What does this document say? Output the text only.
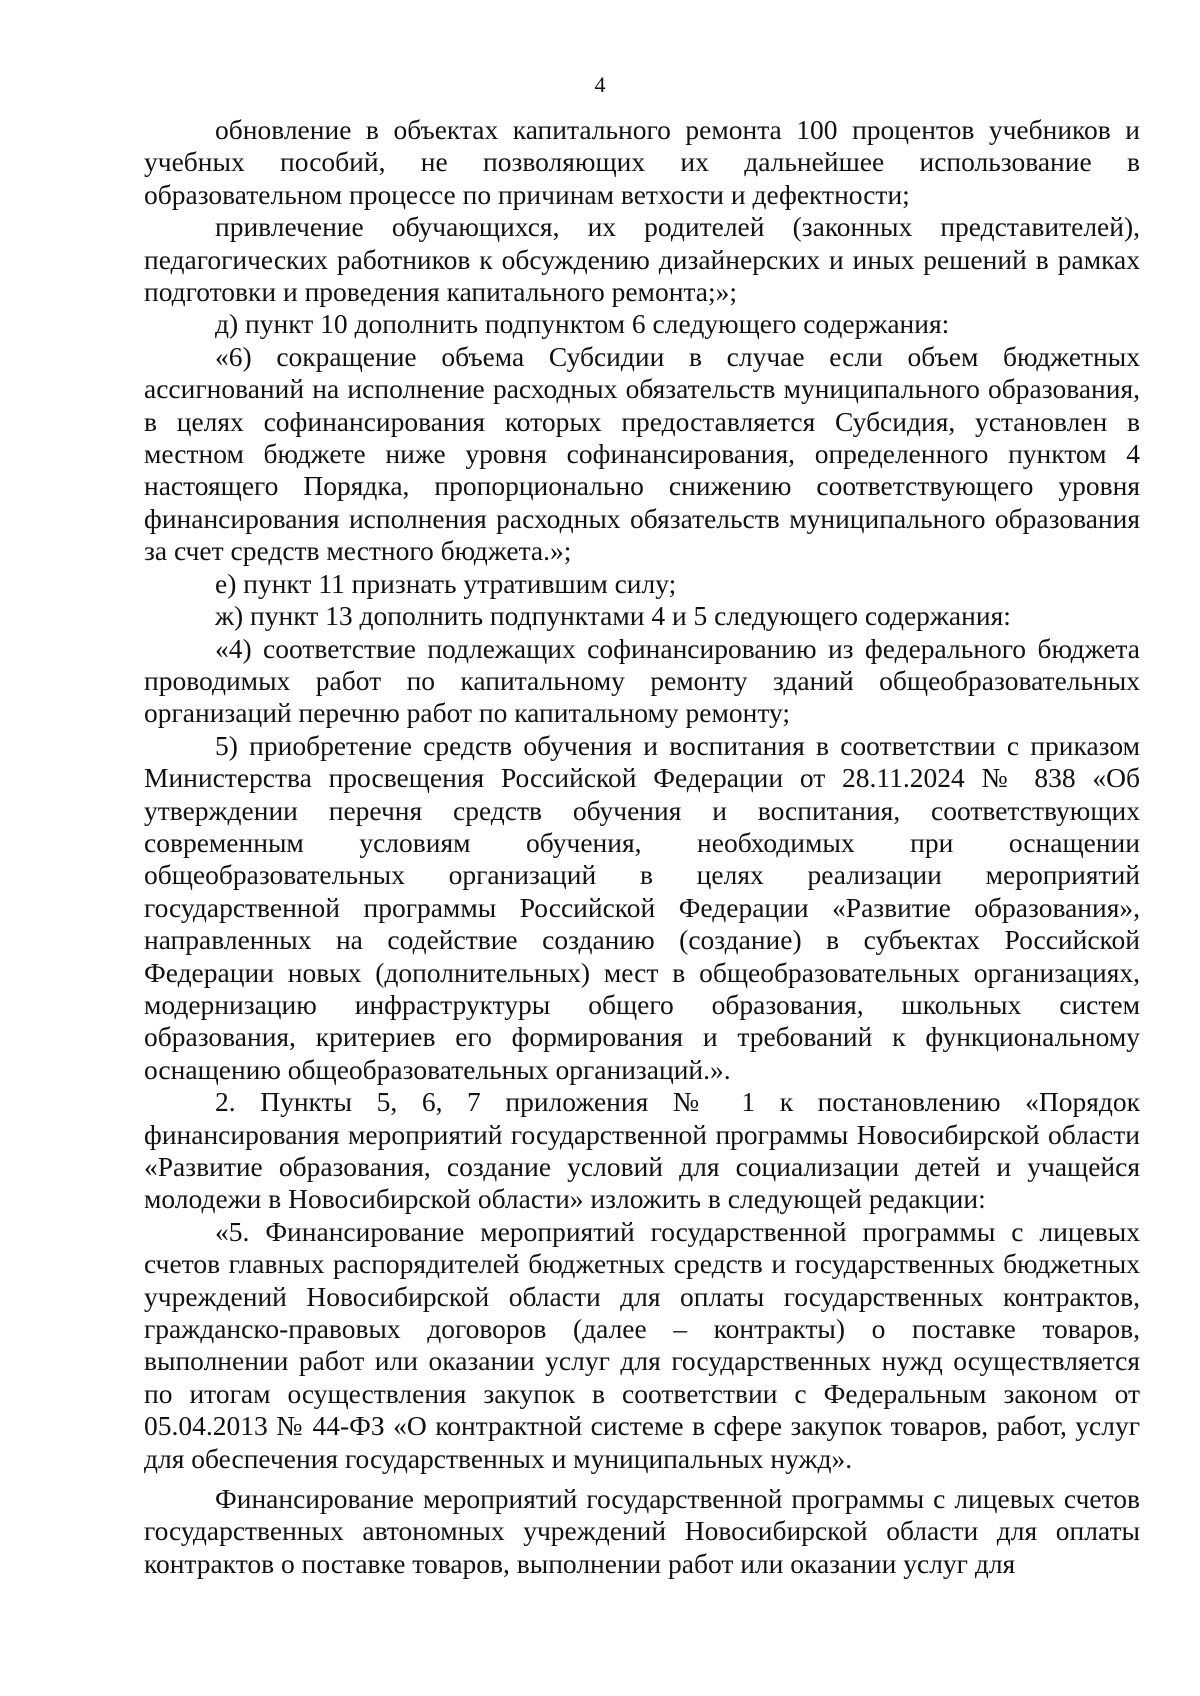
4

обновление в объектах капитального ремонта 100 процентов учебников и учебных пособий, не позволяющих их дальнейшее использование в образовательном процессе по причинам ветхости и дефектности;

привлечение обучающихся, их родителей (законных представителей), педагогических работников к обсуждению дизайнерских и иных решений в рамках подготовки и проведения капитального ремонта;»;

д) пункт 10 дополнить подпунктом 6 следующего содержания:

«6) сокращение объема Субсидии в случае если объем бюджетных ассигнований на исполнение расходных обязательств муниципального образования, в целях софинансирования которых предоставляется Субсидия, установлен в местном бюджете ниже уровня софинансирования, определенного пунктом 4 настоящего Порядка, пропорционально снижению соответствующего уровня финансирования исполнения расходных обязательств муниципального образования за счет средств местного бюджета.»;

е) пункт 11 признать утратившим силу;

ж) пункт 13 дополнить подпунктами 4 и 5 следующего содержания:

«4) соответствие подлежащих софинансированию из федерального бюджета проводимых работ по капитальному ремонту зданий общеобразовательных организаций перечню работ по капитальному ремонту;

5) приобретение средств обучения и воспитания в соответствии с приказом Министерства просвещения Российской Федерации от 28.11.2024 № 838 «Об утверждении перечня средств обучения и воспитания, соответствующих современным условиям обучения, необходимых при оснащении общеобразовательных организаций в целях реализации мероприятий государственной программы Российской Федерации «Развитие образования», направленных на содействие созданию (создание) в субъектах Российской Федерации новых (дополнительных) мест в общеобразовательных организациях, модернизацию инфраструктуры общего образования, школьных систем образования, критериев его формирования и требований к функциональному оснащению общеобразовательных организаций.».

2. Пункты 5, 6, 7 приложения № 1 к постановлению «Порядок финансирования мероприятий государственной программы Новосибирской области «Развитие образования, создание условий для социализации детей и учащейся молодежи в Новосибирской области» изложить в следующей редакции:

«5. Финансирование мероприятий государственной программы с лицевых счетов главных распорядителей бюджетных средств и государственных бюджетных учреждений Новосибирской области для оплаты государственных контрактов, гражданско-правовых договоров (далее – контракты) о поставке товаров, выполнении работ или оказании услуг для государственных нужд осуществляется по итогам осуществления закупок в соответствии с Федеральным законом от 05.04.2013 № 44-ФЗ «О контрактной системе в сфере закупок товаров, работ, услуг для обеспечения государственных и муниципальных нужд».

Финансирование мероприятий государственной программы с лицевых счетов государственных автономных учреждений Новосибирской области для оплаты контрактов о поставке товаров, выполнении работ или оказании услуг для
